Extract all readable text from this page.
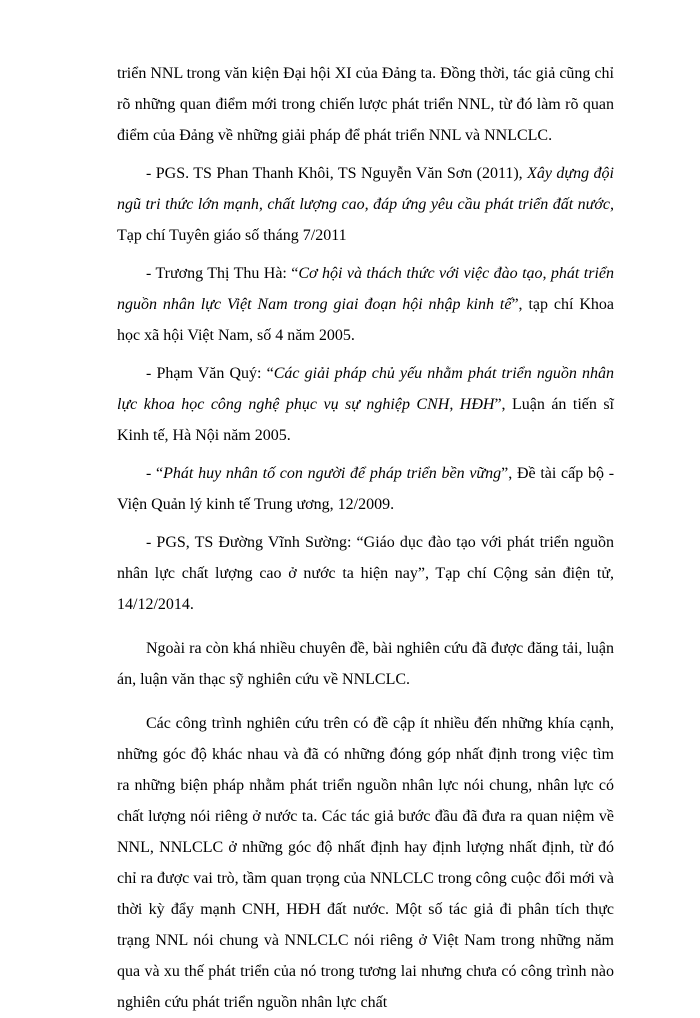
triển NNL trong văn kiện Đại hội XI của Đảng ta. Đồng thời, tác giả cũng chỉ rõ những quan điểm mới trong chiến lược phát triển NNL, từ đó làm rõ quan điểm của Đảng về những giải pháp để phát triển NNL và NNLCLC.

- PGS. TS Phan Thanh Khôi, TS Nguyễn Văn Sơn (2011), Xây dựng đội ngũ tri thức lớn mạnh, chất lượng cao, đáp ứng yêu cầu phát triển đất nước, Tạp chí Tuyên giáo số tháng 7/2011

- Trương Thị Thu Hà: “Cơ hội và thách thức với việc đào tạo, phát triển nguồn nhân lực Việt Nam trong giai đoạn hội nhập kinh tế”, tạp chí Khoa học xã hội Việt Nam, số 4 năm 2005.

- Phạm Văn Quý: “Các giải pháp chủ yếu nhằm phát triển nguồn nhân lực khoa học công nghệ phục vụ sự nghiệp CNH, HĐH”, Luận án tiến sĩ Kinh tế, Hà Nội năm 2005.

- “Phát huy nhân tố con người để pháp triển bền vững”, Đề tài cấp bộ - Viện Quản lý kinh tế Trung ương, 12/2009.

- PGS, TS Đường Vĩnh Sường: “Giáo dục đào tạo với phát triển nguồn nhân lực chất lượng cao ở nước ta hiện nay”, Tạp chí Cộng sản điện tử, 14/12/2014.

Ngoài ra còn khá nhiều chuyên đề, bài nghiên cứu đã được đăng tải, luận án, luận văn thạc sỹ nghiên cứu về NNLCLC.

Các công trình nghiên cứu trên có đề cập ít nhiều đến những khía cạnh, những góc độ khác nhau và đã có những đóng góp nhất định trong việc tìm ra những biện pháp nhằm phát triển nguồn nhân lực nói chung, nhân lực có chất lượng nói riêng ở nước ta. Các tác giả bước đầu đã đưa ra quan niệm về NNL, NNLCLC ở những góc độ nhất định hay định lượng nhất định, từ đó chỉ ra được vai trò, tầm quan trọng của NNLCLC trong công cuộc đổi mới và thời kỳ đẩy mạnh CNH, HĐH đất nước. Một số tác giả đi phân tích thực trạng NNL nói chung và NNLCLC nói riêng ở Việt Nam trong những năm qua và xu thế phát triển của nó trong tương lai nhưng chưa có công trình nào nghiên cứu phát triển nguồn nhân lực chất
